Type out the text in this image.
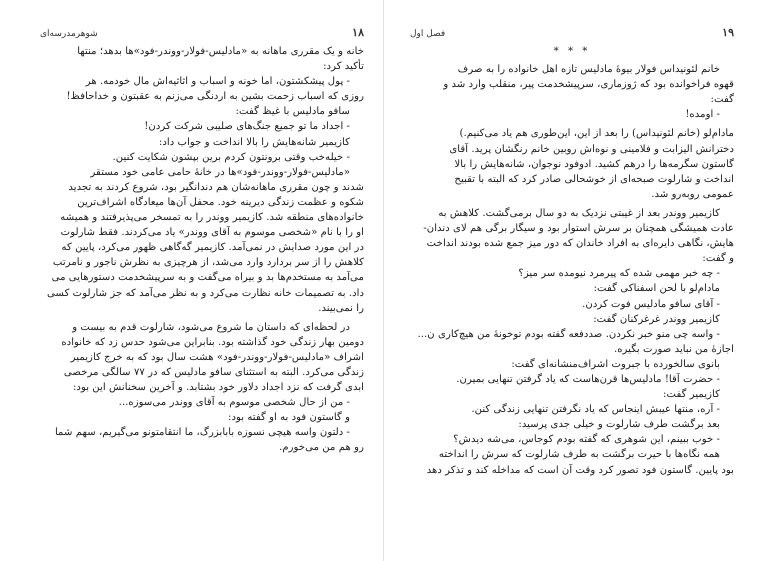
۱۸
شوهرمدرسه‌ای

خانه و یک مقرری ماهانه به «مادلیس-فولار-ووندر-فود»ها بدهد؛ منتها

تأکید کرد:

- پول پیشکشتون، اما خونه و اسباب و اثاثیه‌اش مال خودمه. هر

روزی که اسباب زحمت بشین به اردنگی می‌زنم به عقبتون و خداحافظ!

سافو مادلیس با غیظ گفت:

- اجداد ما تو جمیع جنگ‌های صلیبی شرکت کردن!

کازیمیر شانه‌هایش را بالا انداخت و جواب داد:

- خیله‌خب وقتی برونتون کردم برین بپشون شکایت کنین.

«مادلیس-فولار-ووندر-فود»ها در خانهٔ حامی عامی خود مستقر

شدند و چون مقرری ماهانه‌شان هم دندانگیر بود، شروع کردند به تجدید

شکوه و عظمت زندگی دیرینه خود. محفل آن‌ها میعادگاه اشراف‌ترین

خانواده‌های منطقه شد. کازیمیر ووندر را به تمسخر می‌پذیرفتند و همیشه

او را با نام «شخصی موسوم به آقای ووندر» یاد می‌کردند. فقط شارلوت

در این مورد صدایش در نمی‌آمد. کازیمیر گه‌گاهی ظهور می‌کرد، پایین که

کلاهش را از سر بردارد وارد می‌شد، از هرچیزی به نظرش ناجور و نامرتب

می‌آمد به مستخدم‌ها بد و بیراه می‌گفت و به سرپیشخدمت دستورهایی می‌

داد. به تصمیمات خانه نظارت می‌کرد و به نظر می‌آمد که جز شارلوت کسی

را نمی‌بیند.

در لحظه‌ای که داستان ما شروع می‌شود، شارلوت قدم به بیست و

دومین بهار زندگی خود گذاشته بود. بنابراین می‌شود حدس زد که خانواده

اشراف «مادلیس-فولار-ووندر-فود» هشت سال بود که به خرج کازیمیر

زندگی می‌کرد. البته به استثنای سافو مادلیس که در ۷۷ سالگی مرخصی

ابدی گرفت که نزد اجداد دلاور خود بشتابد. و آخرین سخنانش این بود:

- من از حال شخصی موسوم به آقای ووندر می‌سوزه...

و گاستون فود به او گفته بود:

- دلتون واسه هیچی نسوزه بابابزرگ، ما انتقامتونو می‌گیریم، سهم شما

رو هم من می‌خورم.

۱۹
فصل اول

* * *

خانم لئونیداس فولار بیوهٔ مادلیس تازه اهل خانواده را به صرف

قهوه فراخوانده بود که ژوزماری، سرپیشخدمت پیر، منقلب وارد شد و

گفت:

- اومده!

مادام‌لو (خانم لئونیداس) را بعد از این، این‌طوری هم یاد می‌کنیم.)

دخترانش الیزابت و فلامینی و نوه‌اش روبین خانم رنگشان پرید. آقای

گاستون سگرمه‌ها را درهم کشید. ادوفود نوجوان، شانه‌هایش را بالا

انداخت و شارلوت صبحه‌ای از خوشحالی صادر کرد که البته با تقبیح

عمومی روبه‌رو شد.

کازیمیر ووندر بعد از غیبتی نزدیک به دو سال برمی‌گشت. کلاهش به

عادت همیشگی همچنان بر سرش استوار بود و سیگار برگی هم لای دندان-

هایش، نگاهی دایره‌ای به افراد خاندان که دور میز جمع شده بودند انداخت

و گفت:

- چه خبر مهمی شده که پیرمرد نیومده سر میز؟

مادام‌لو با لحن اسفناکی گفت:

- آقای سافو مادلیس فوت کردن.

کازیمیر ووندر غرغرکنان گفت:

- واسه چی منو خبر نکردن. صددفعه گفته بودم توخونهٔ من هیچ‌کاری ن...

اجازهٔ من نباید صورت بگیره.

بانوی سالخورده با جبروت اشراف‌منشانه‌ای گفت:

- حضرت آقا! مادلیس‌ها قرن‌هاست که یاد گرفتن تنهایی بمیرن.

کازیمیر گفت:

- آره، منتها عیبش اینجاس که یاد نگرفتن تنهایی زندگی کنن.

بعد برگشت طرف شارلوت و خیلی جدی پرسید:

- خوب ببینم، این شوهری که گفته بودم کوجاس، می‌شه دیدش؟

همه نگاه‌ها با حیرت برگشت به طرف شارلوت که سرش را انداخته

بود پایین. گاستون فود تصور کرد وقت آن است که مداخله کند و تذکر دهد
